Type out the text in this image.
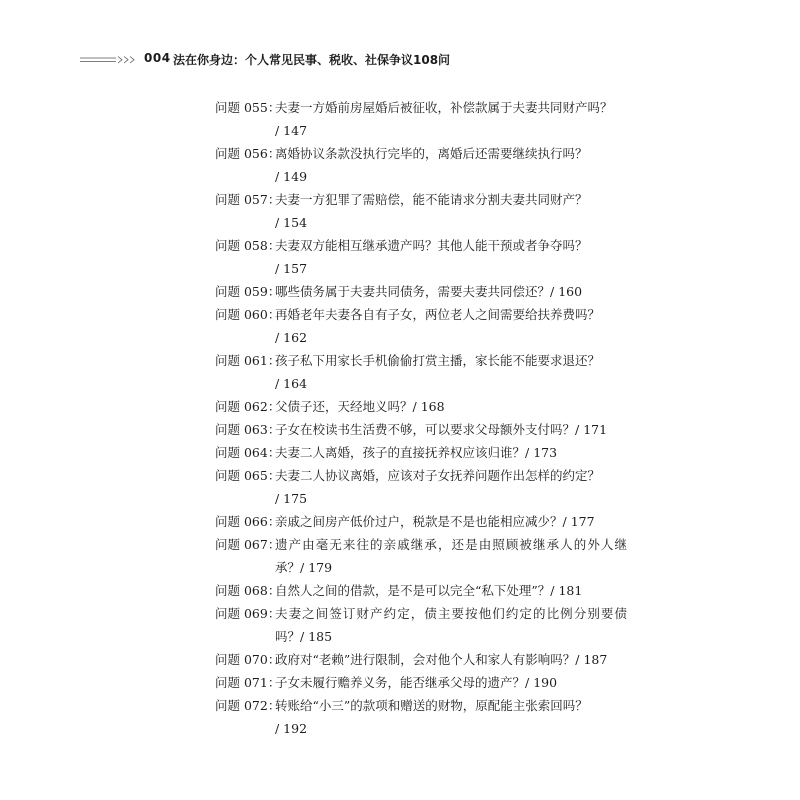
004 法在你身边：个人常见民事、税收、社保争议108问
问题 055：
夫妻一方婚前房屋婚后被征收，补偿款属于夫妻共同财产吗？
/ 147
问题 056：
离婚协议条款没执行完毕的，离婚后还需要继续执行吗？
/ 149
问题 057：
夫妻一方犯罪了需赔偿，能不能请求分割夫妻共同财产？
/ 154
问题 058：
夫妻双方能相互继承遗产吗？其他人能干预或者争夺吗？
/ 157
问题 059：
哪些债务属于夫妻共同债务，需要夫妻共同偿还？/ 160
问题 060：
再婚老年夫妻各自有子女，两位老人之间需要给扶养费吗？
/ 162
问题 061：
孩子私下用家长手机偷偷打赏主播，家长能不能要求退还？
/ 164
问题 062：
父债子还，天经地义吗？/ 168
问题 063：
子女在校读书生活费不够，可以要求父母额外支付吗？/ 171
问题 064：
夫妻二人离婚，孩子的直接抚养权应该归谁？/ 173
问题 065：
夫妻二人协议离婚，应该对子女抚养问题作出怎样的约定？
/ 175
问题 066：
亲戚之间房产低价过户，税款是不是也能相应减少？/ 177
问题 067：
遗产由毫无来往的亲戚继承，还是由照顾被继承人的外人继承？/ 179
问题 068：
自然人之间的借款，是不是可以完全“私下处理”？/ 181
问题 069：
夫妻之间签订财产约定，债主要按他们约定的比例分别要债吗？/ 185
问题 070：
政府对“老赖”进行限制，会对他个人和家人有影响吗？/ 187
问题 071：
子女未履行赡养义务，能否继承父母的遗产？/ 190
问题 072：
转账给“小三”的款项和赠送的财物，原配能主张索回吗？
/ 192
